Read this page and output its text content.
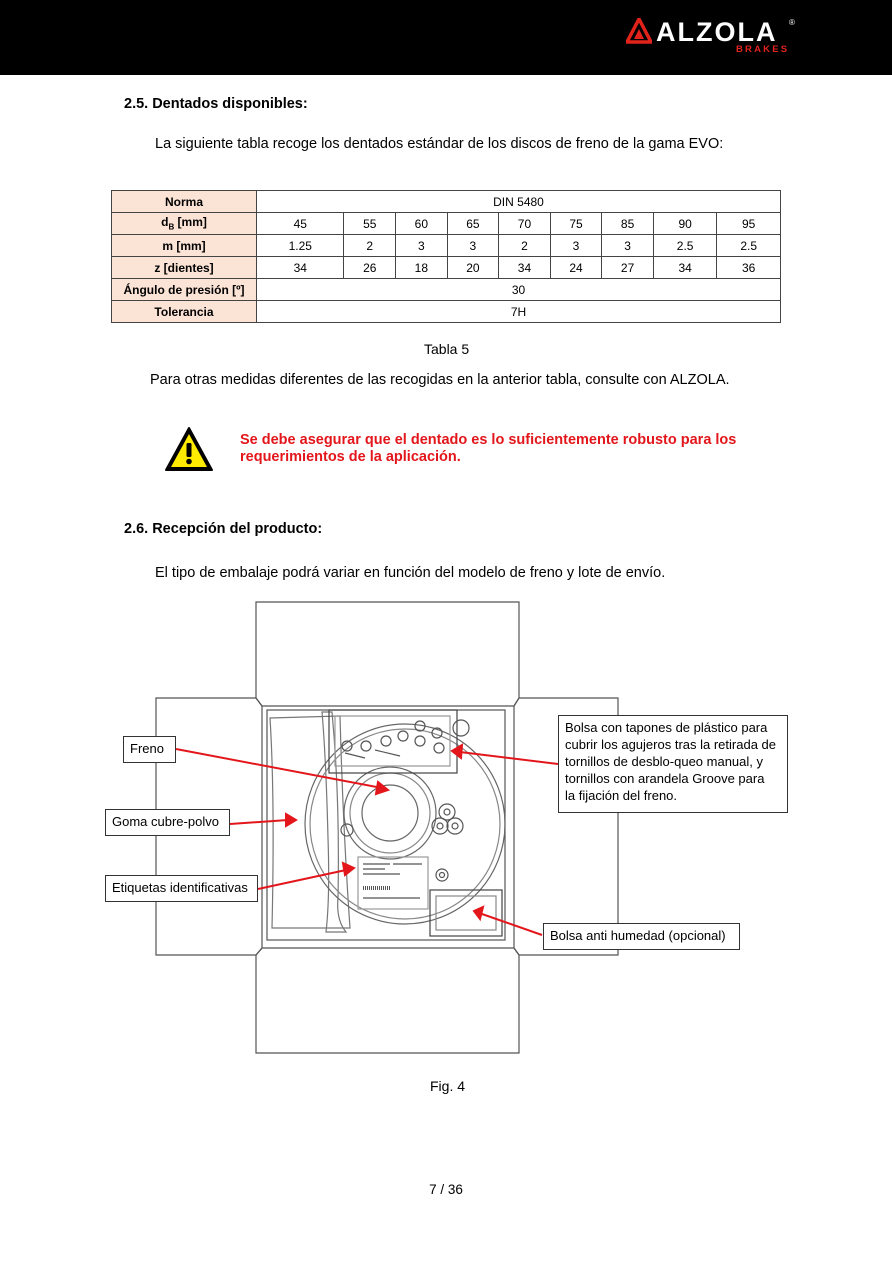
ALZOLA ®
BRAKES
2.5. Dentados disponibles:
La siguiente tabla recoge los dentados estándar de los discos de freno de la gama EVO:
Norma	DIN 5480								
$d_B$ [mm]	45	55	60	65	70	75	85	90	95
m [mm]	1.25	2	3	3	2	3	3	2.5	2.5
z [dientes]	34	26	18	20	34	24	27	34	36
Ángulo de presión [º]	30								
Tolerancia	7H								
Tabla 5
Para otras medidas diferentes de las recogidas en la anterior tabla, consulte con ALZOLA.
Se debe asegurar que el dentado es lo suficientemente robusto para los
requerimientos de la aplicación.
2.6. Recepción del producto:
El tipo de embalaje podrá variar en función del modelo de freno y lote de envío.
Freno
Goma cubre-polvo
Etiquetas identificativas
Bolsa con tapones de plástico para
cubrir los agujeros tras la retirada de
tornillos de desblo-queo manual, y
tornillos con arandela Groove para
la fijación del freno.
Bolsa anti humedad (opcional)
Fig. 4
7 / 36
